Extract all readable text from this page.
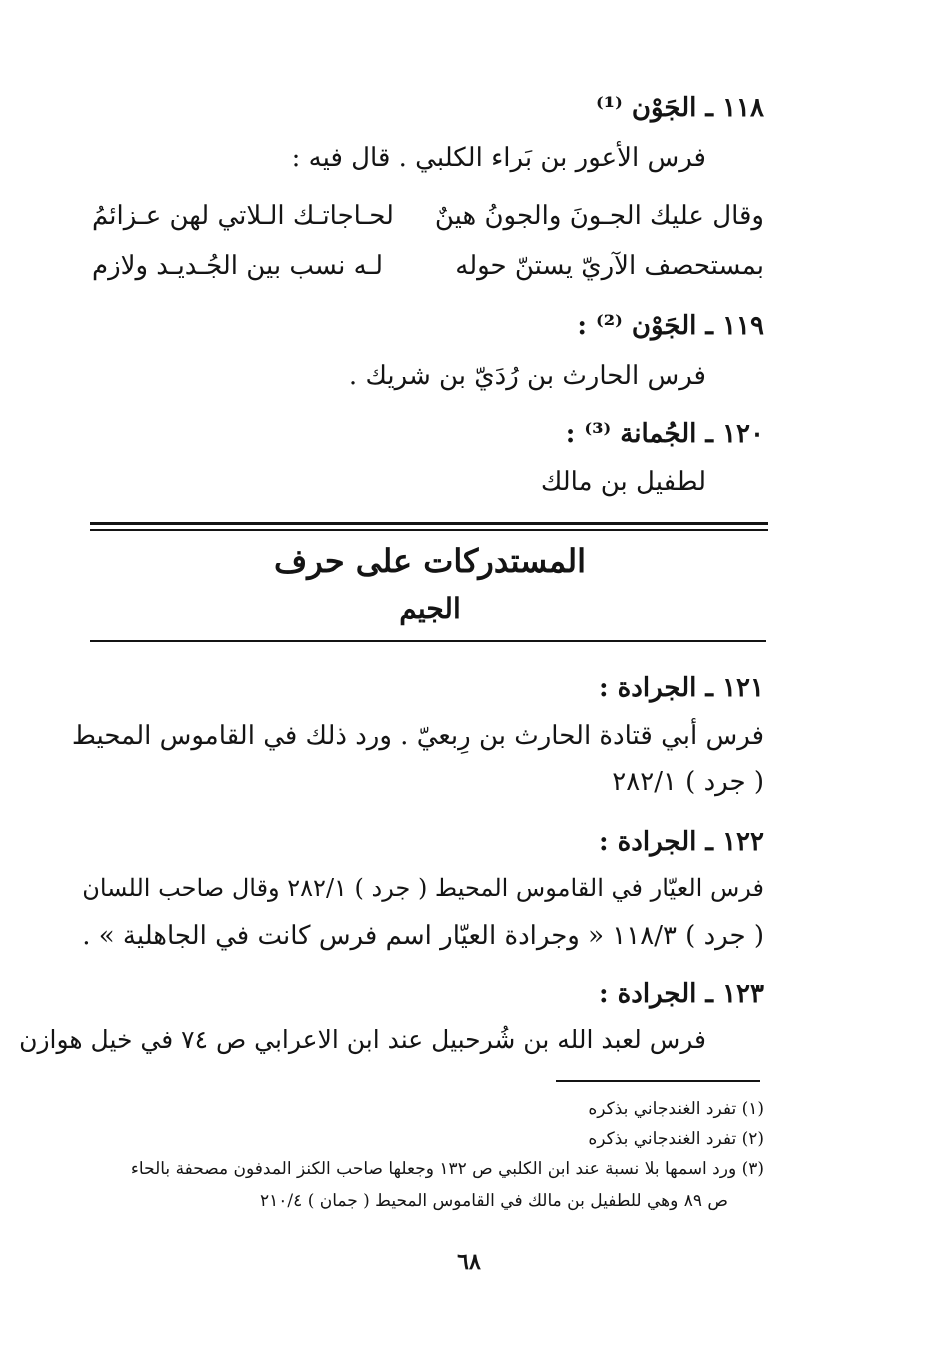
١١٨ ـ الجَوْن ⁽¹⁾
فرس الأعور بن بَراء الكلبي . قال فيه :
وقال عليك الجـونَ والجونُ هينٌ
لحـاجاتـك الـلاتي لهن عـزائمُ
بمستحصف الآريّ يستنّ حوله
لـه نسب بين الجُـديـد ولازم
١١٩ ـ الجَوْن ⁽²⁾ :
فرس الحارث بن رُدَيّ بن شريك .
١٢٠ ـ الجُمانة ⁽³⁾ :
لطفيل بن مالك
المستدركات على حرف
الجيم
١٢١ ـ الجرادة :
فرس أبي قتادة الحارث بن رِبعيّ . ورد ذلك في القاموس المحيط
( جرد ) ٢٨٢/١
١٢٢ ـ الجرادة :
فرس العيّار في القاموس المحيط ( جرد ) ٢٨٢/١ وقال صاحب اللسان
( جرد ) ١١٨/٣ « وجرادة العيّار اسم فرس كانت في الجاهلية » .
١٢٣ ـ الجرادة :
فرس لعبد الله بن شُرحبيل عند ابن الاعرابي ص ٧٤ في خيل هوازن
(١) تفرد الغندجاني بذكره
(٢) تفرد الغندجاني بذكره
(٣) ورد اسمها بلا نسبة عند ابن الكلبي ص ١٣٢ وجعلها صاحب الكنز المدفون مصحفة بالحاء
ص ٨٩ وهي للطفيل بن مالك في القاموس المحيط ( جمان ) ٢١٠/٤
٦٨
